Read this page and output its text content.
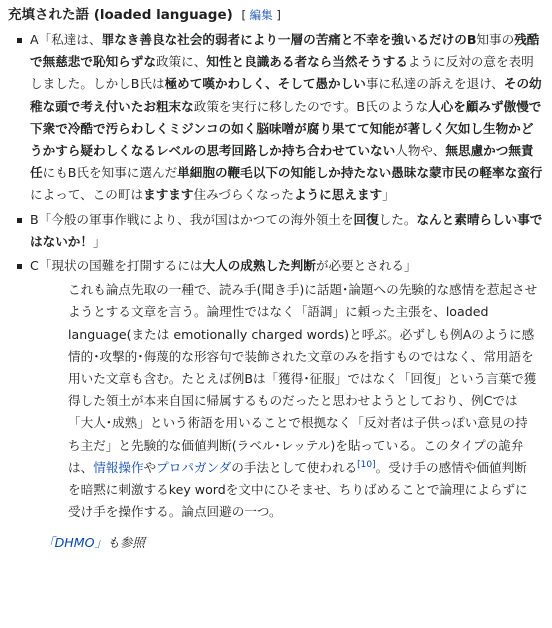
充填された語 (loaded language) [ 編集 ]
A「私達は、罪なき善良な社会的弱者により一層の苦痛と不幸を強いるだけのB知事の残酷で無慈悲で恥知らずな政策に、知性と良識ある者なら当然そうするように反対の意を表明しました。しかしB氏は極めて嘆かわしく、そして愚かしい事に私達の訴えを退け、その幼稚な頭で考え付いたお粗末な政策を実行に移したのです。B氏のような人心を顧みず傲慢で下衆で冷酷で汚らわしくミジンコの如く脳味噌が腐り果てて知能が著しく欠如し生物かどうかすら疑わしくなるレベルの思考回路しか持ち合わせていない人物や、無思慮かつ無責任にもB氏を知事に選んだ単細胞の鞭毛以下の知能しか持たない愚昧な蒙市民の軽率な蛮行によって、この町はますます住みづらくなったように思えます」
B「今般の軍事作戦により、我が国はかつての海外領土を回復した。なんと素晴らしい事ではないか！」
C「現状の国難を打開するには大人の成熟した判断が必要とされる」
これも論点先取の一種で、読み手(聞き手)に話題･論題への先験的な感情を惹起させようとする文章を言う。論理性ではなく「語調」に頼った主張を、loaded language(または emotionally charged words)と呼ぶ。必ずしも例Aのように感情的･攻撃的･侮蔑的な形容句で装飾された文章のみを指すものではなく、常用語を用いた文章も含む。たとえば例Bは「獲得･征服」ではなく「回復」という言葉で獲得した領土が本来自国に帰属するものだったと思わせようとしており、例Cでは「大人･成熟」という術語を用いることで根拠なく「反対者は子供っぽい意見の持ち主だ」と先験的な価値判断(ラベル･レッテル)を貼っている。このタイプの詭弁は、情報操作やプロパガンダの手法として使われる[10]。受け手の感情や価値判断を暗黙に刺激するkey wordを文中にひそませ、ちりばめることで論理によらずに受け手を操作する。論点回避の一つ。
「DHMO」も参照
